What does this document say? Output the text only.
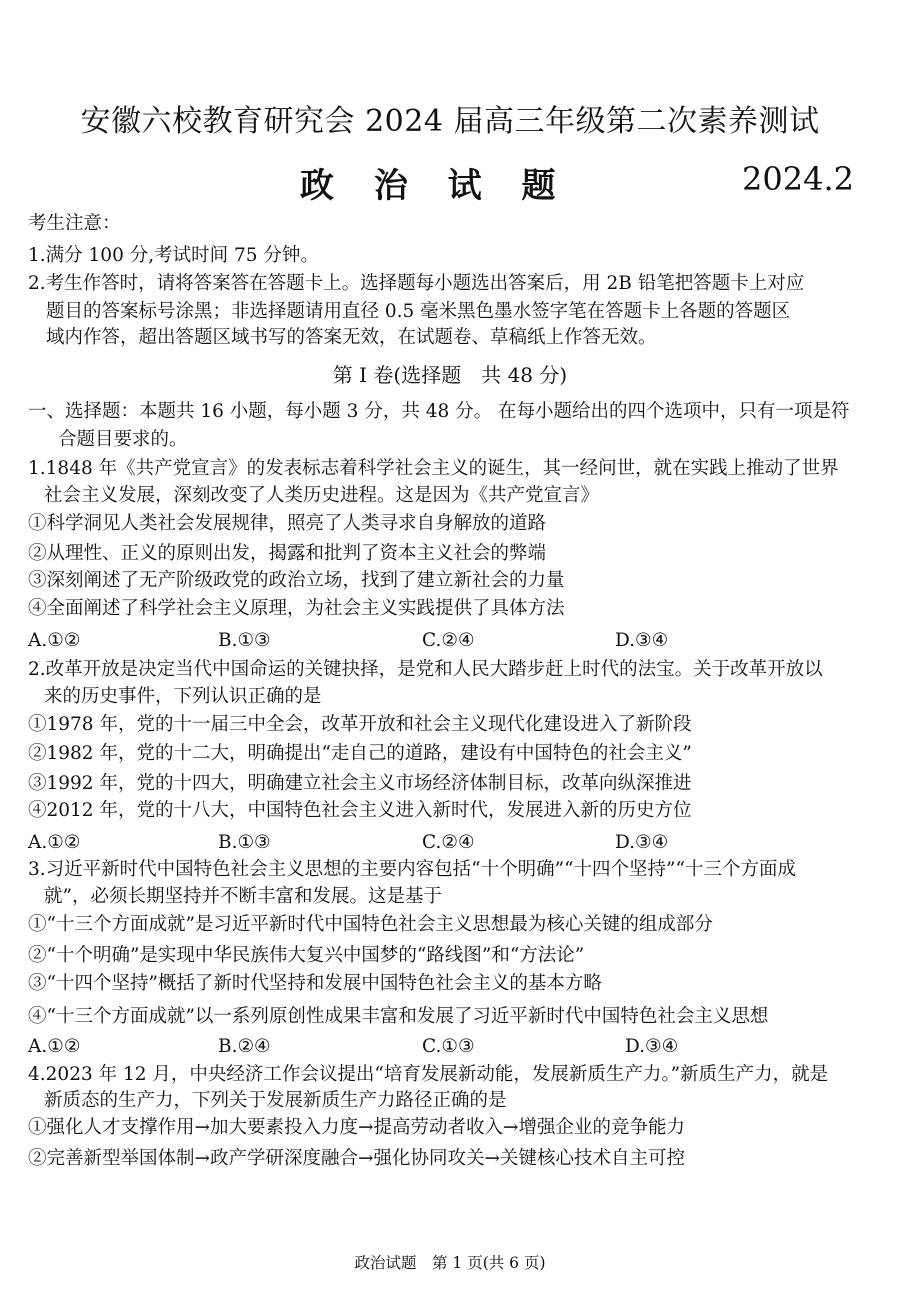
安徽六校教育研究会 2024 届高三年级第二次素养测试
政 治 试 题	2024.2
考生注意：
1.满分 100 分,考试时间 75 分钟。
2.考生作答时，请将答案答在答题卡上。选择题每小题选出答案后，用 2B 铅笔把答题卡上对应
题目的答案标号涂黑；非选择题请用直径 0.5 毫米黑色墨水签字笔在答题卡上各题的答题区
域内作答，超出答题区域书写的答案无效，在试题卷、草稿纸上作答无效。
第 I 卷(选择题　共 48 分)
一、选择题：本题共 16 小题，每小题 3 分，共 48 分。 在每小题给出的四个选项中，只有一项是符
合题目要求的。
1.1848 年《共产党宣言》的发表标志着科学社会主义的诞生，其一经问世，就在实践上推动了世界
社会主义发展，深刻改变了人类历史进程。这是因为《共产党宣言》
①科学洞见人类社会发展规律，照亮了人类寻求自身解放的道路
②从理性、正义的原则出发，揭露和批判了资本主义社会的弊端
③深刻阐述了无产阶级政党的政治立场，找到了建立新社会的力量
④全面阐述了科学社会主义原理，为社会主义实践提供了具体方法
A.①②	B.①③	C.②④	D.③④
2.改革开放是决定当代中国命运的关键抉择，是党和人民大踏步赶上时代的法宝。关于改革开放以
来的历史事件，下列认识正确的是
①1978 年，党的十一届三中全会，改革开放和社会主义现代化建设进入了新阶段
②1982 年，党的十二大，明确提出“走自己的道路，建设有中国特色的社会主义”
③1992 年，党的十四大，明确建立社会主义市场经济体制目标，改革向纵深推进
④2012 年，党的十八大，中国特色社会主义进入新时代，发展进入新的历史方位
A.①②	B.①③	C.②④	D.③④
3.习近平新时代中国特色社会主义思想的主要内容包括“十个明确”“十四个坚持”“十三个方面成
就”，必须长期坚持并不断丰富和发展。这是基于
①“十三个方面成就”是习近平新时代中国特色社会主义思想最为核心关键的组成部分
②“十个明确”是实现中华民族伟大复兴中国梦的“路线图”和“方法论”
③“十四个坚持”概括了新时代坚持和发展中国特色社会主义的基本方略
④“十三个方面成就”以一系列原创性成果丰富和发展了习近平新时代中国特色社会主义思想
A.①②	B.②④	C.①③	D.③④
4.2023 年 12 月，中央经济工作会议提出“培育发展新动能，发展新质生产力。”新质生产力，就是
新质态的生产力，下列关于发展新质生产力路径正确的是
①强化人才支撑作用→加大要素投入力度→提高劳动者收入→增强企业的竞争能力
②完善新型举国体制→政产学研深度融合→强化协同攻关→关键核心技术自主可控
政治试题　第 1 页(共 6 页)
